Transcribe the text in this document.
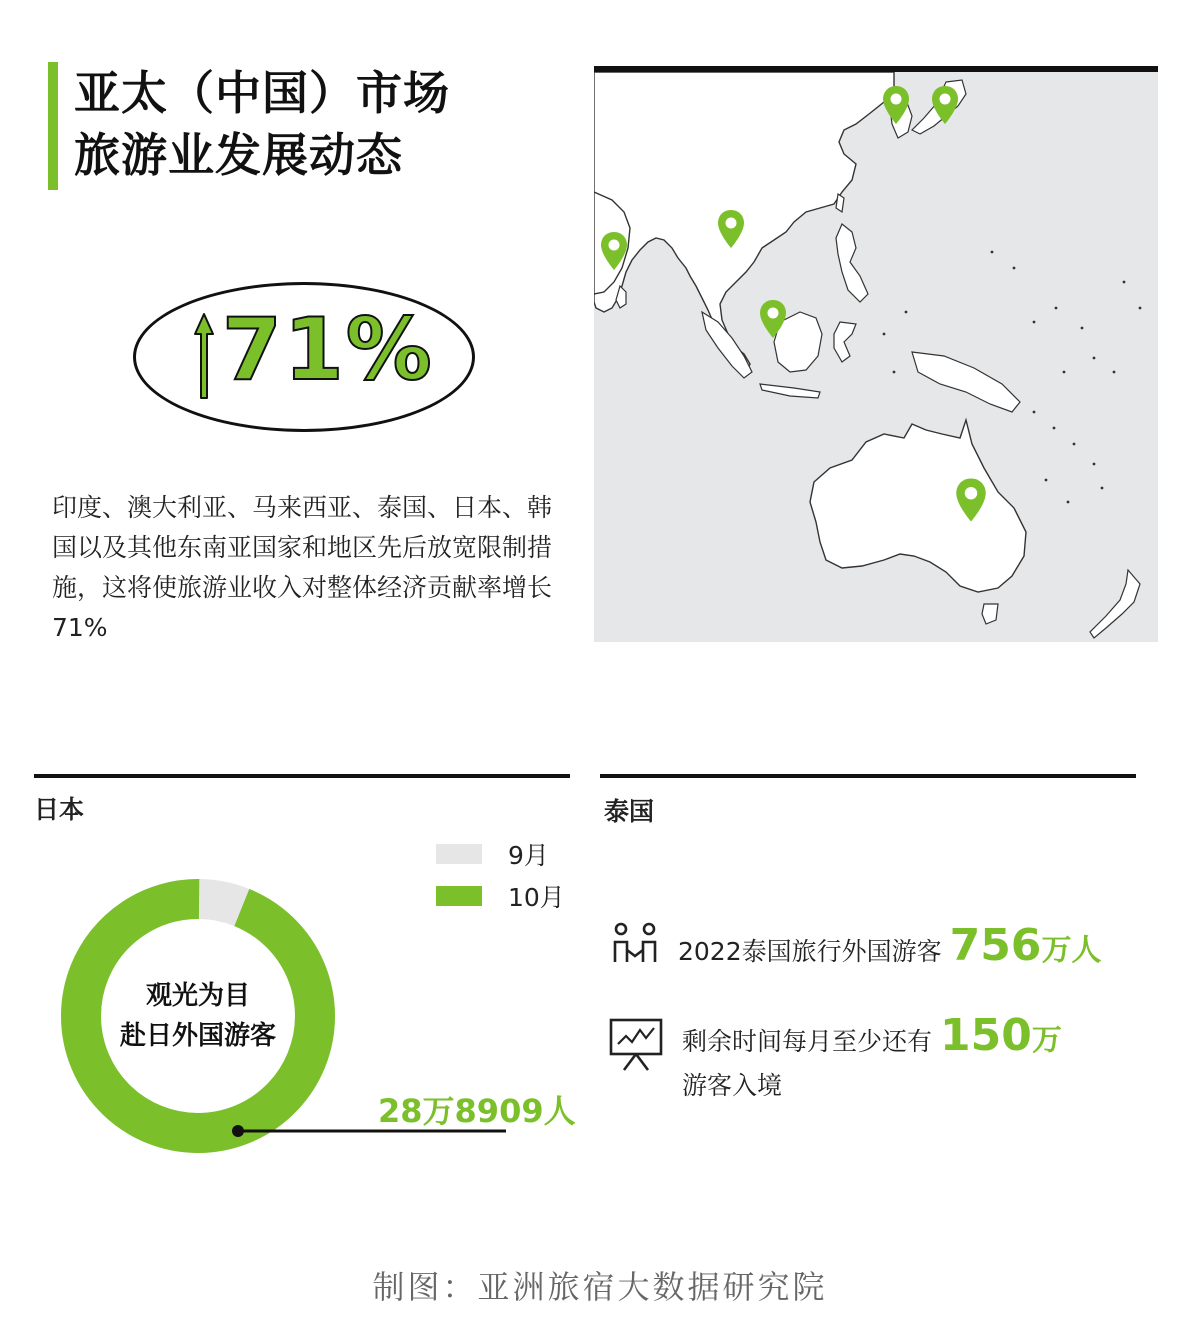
亚太（中国）市场
旅游业发展动态
71%
印度、澳大利亚、马来西亚、泰国、日本、韩国以及其他东南亚国家和地区先后放宽限制措施，这将使旅游业收入对整体经济贡献率增长71%
日本
9月
10月
观光为目
赴日外国游客
28万8909人
泰国
2022泰国旅行外国游客 756万人
剩余时间每月至少还有 150万
游客入境
制图：亚洲旅宿大数据研究院
